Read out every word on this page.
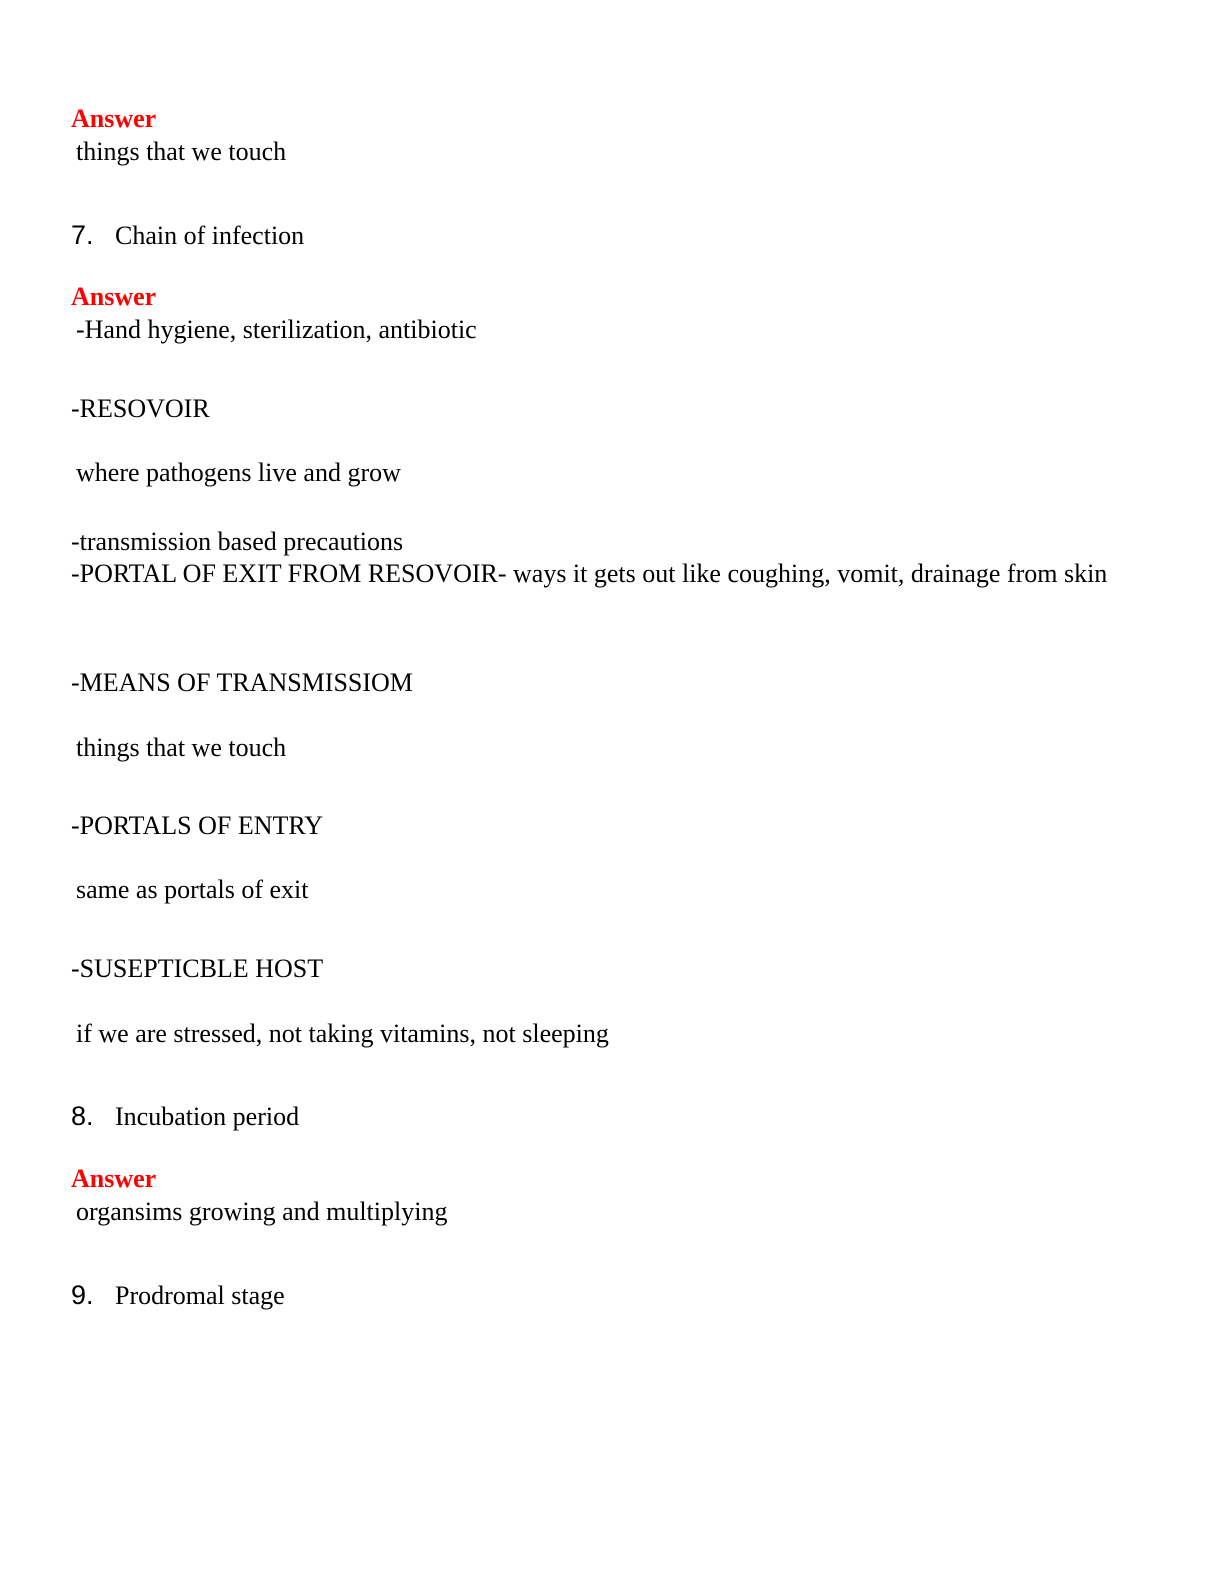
Answer
things that we touch
7. Chain of infection
Answer
-Hand hygiene, sterilization, antibiotic
-RESOVOIR
where pathogens live and grow
-transmission based precautions
-PORTAL OF EXIT FROM RESOVOIR- ways it gets out like coughing, vomit, drainage from skin
-MEANS OF TRANSMISSIOM
things that we touch
-PORTALS OF ENTRY
same as portals of exit
-SUSEPTICBLE HOST
if we are stressed, not taking vitamins, not sleeping
8. Incubation period
Answer
organsims growing and multiplying
9. Prodromal stage
